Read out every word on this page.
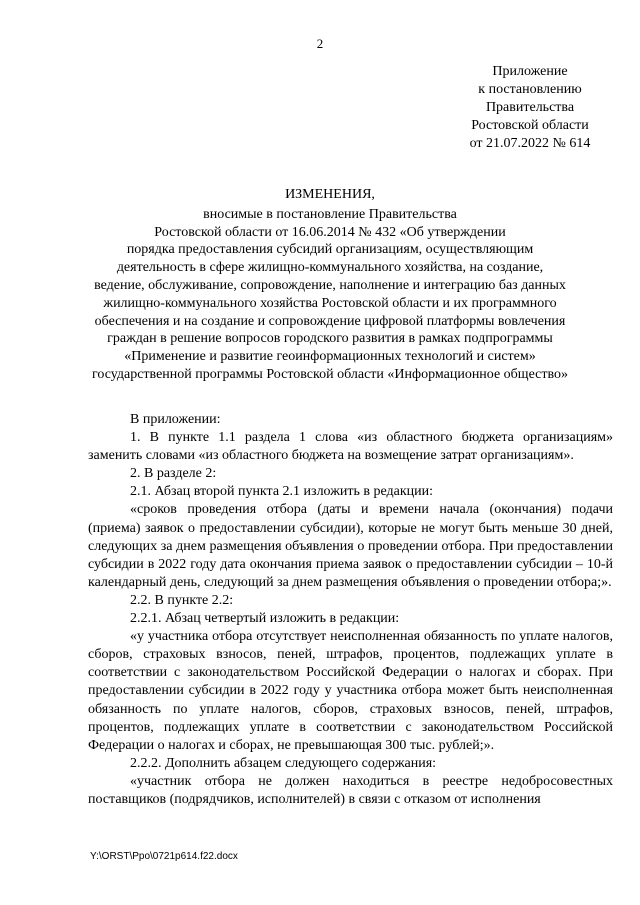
2
Приложение
к постановлению
Правительства
Ростовской области
от 21.07.2022 № 614
ИЗМЕНЕНИЯ,
вносимые в постановление Правительства
Ростовской области от 16.06.2014 № 432 «Об утверждении
порядка предоставления субсидий организациям, осуществляющим
деятельность в сфере жилищно-коммунального хозяйства, на создание,
ведение, обслуживание, сопровождение, наполнение и интеграцию баз данных
жилищно-коммунального хозяйства Ростовской области и их программного
обеспечения и на создание и сопровождение цифровой платформы вовлечения
граждан в решение вопросов городского развития в рамках подпрограммы
«Применение и развитие геоинформационных технологий и систем»
государственной программы Ростовской области «Информационное общество»

В приложении:

1. В пункте 1.1 раздела 1 слова «из областного бюджета организациям» заменить словами «из областного бюджета на возмещение затрат организациям».

2. В разделе 2:

2.1. Абзац второй пункта 2.1 изложить в редакции:

«сроков проведения отбора (даты и времени начала (окончания) подачи (приема) заявок о предоставлении субсидии), которые не могут быть меньше 30 дней, следующих за днем размещения объявления о проведении отбора. При предоставлении субсидии в 2022 году дата окончания приема заявок о предоставлении субсидии – 10-й календарный день, следующий за днем размещения объявления о проведении отбора;».

2.2. В пункте 2.2:

2.2.1. Абзац четвертый изложить в редакции:

«у участника отбора отсутствует неисполненная обязанность по уплате налогов, сборов, страховых взносов, пеней, штрафов, процентов, подлежащих уплате в соответствии с законодательством Российской Федерации о налогах и сборах. При предоставлении субсидии в 2022 году у участника отбора может быть неисполненная обязанность по уплате налогов, сборов, страховых взносов, пеней, штрафов, процентов, подлежащих уплате в соответствии с законодательством Российской Федерации о налогах и сборах, не превышающая 300 тыс. рублей;».

2.2.2. Дополнить абзацем следующего содержания:

«участник отбора не должен находиться в реестре недобросовестных поставщиков (подрядчиков, исполнителей) в связи с отказом от исполнения

Y:\ORST\Ppo\0721p614.f22.docx
